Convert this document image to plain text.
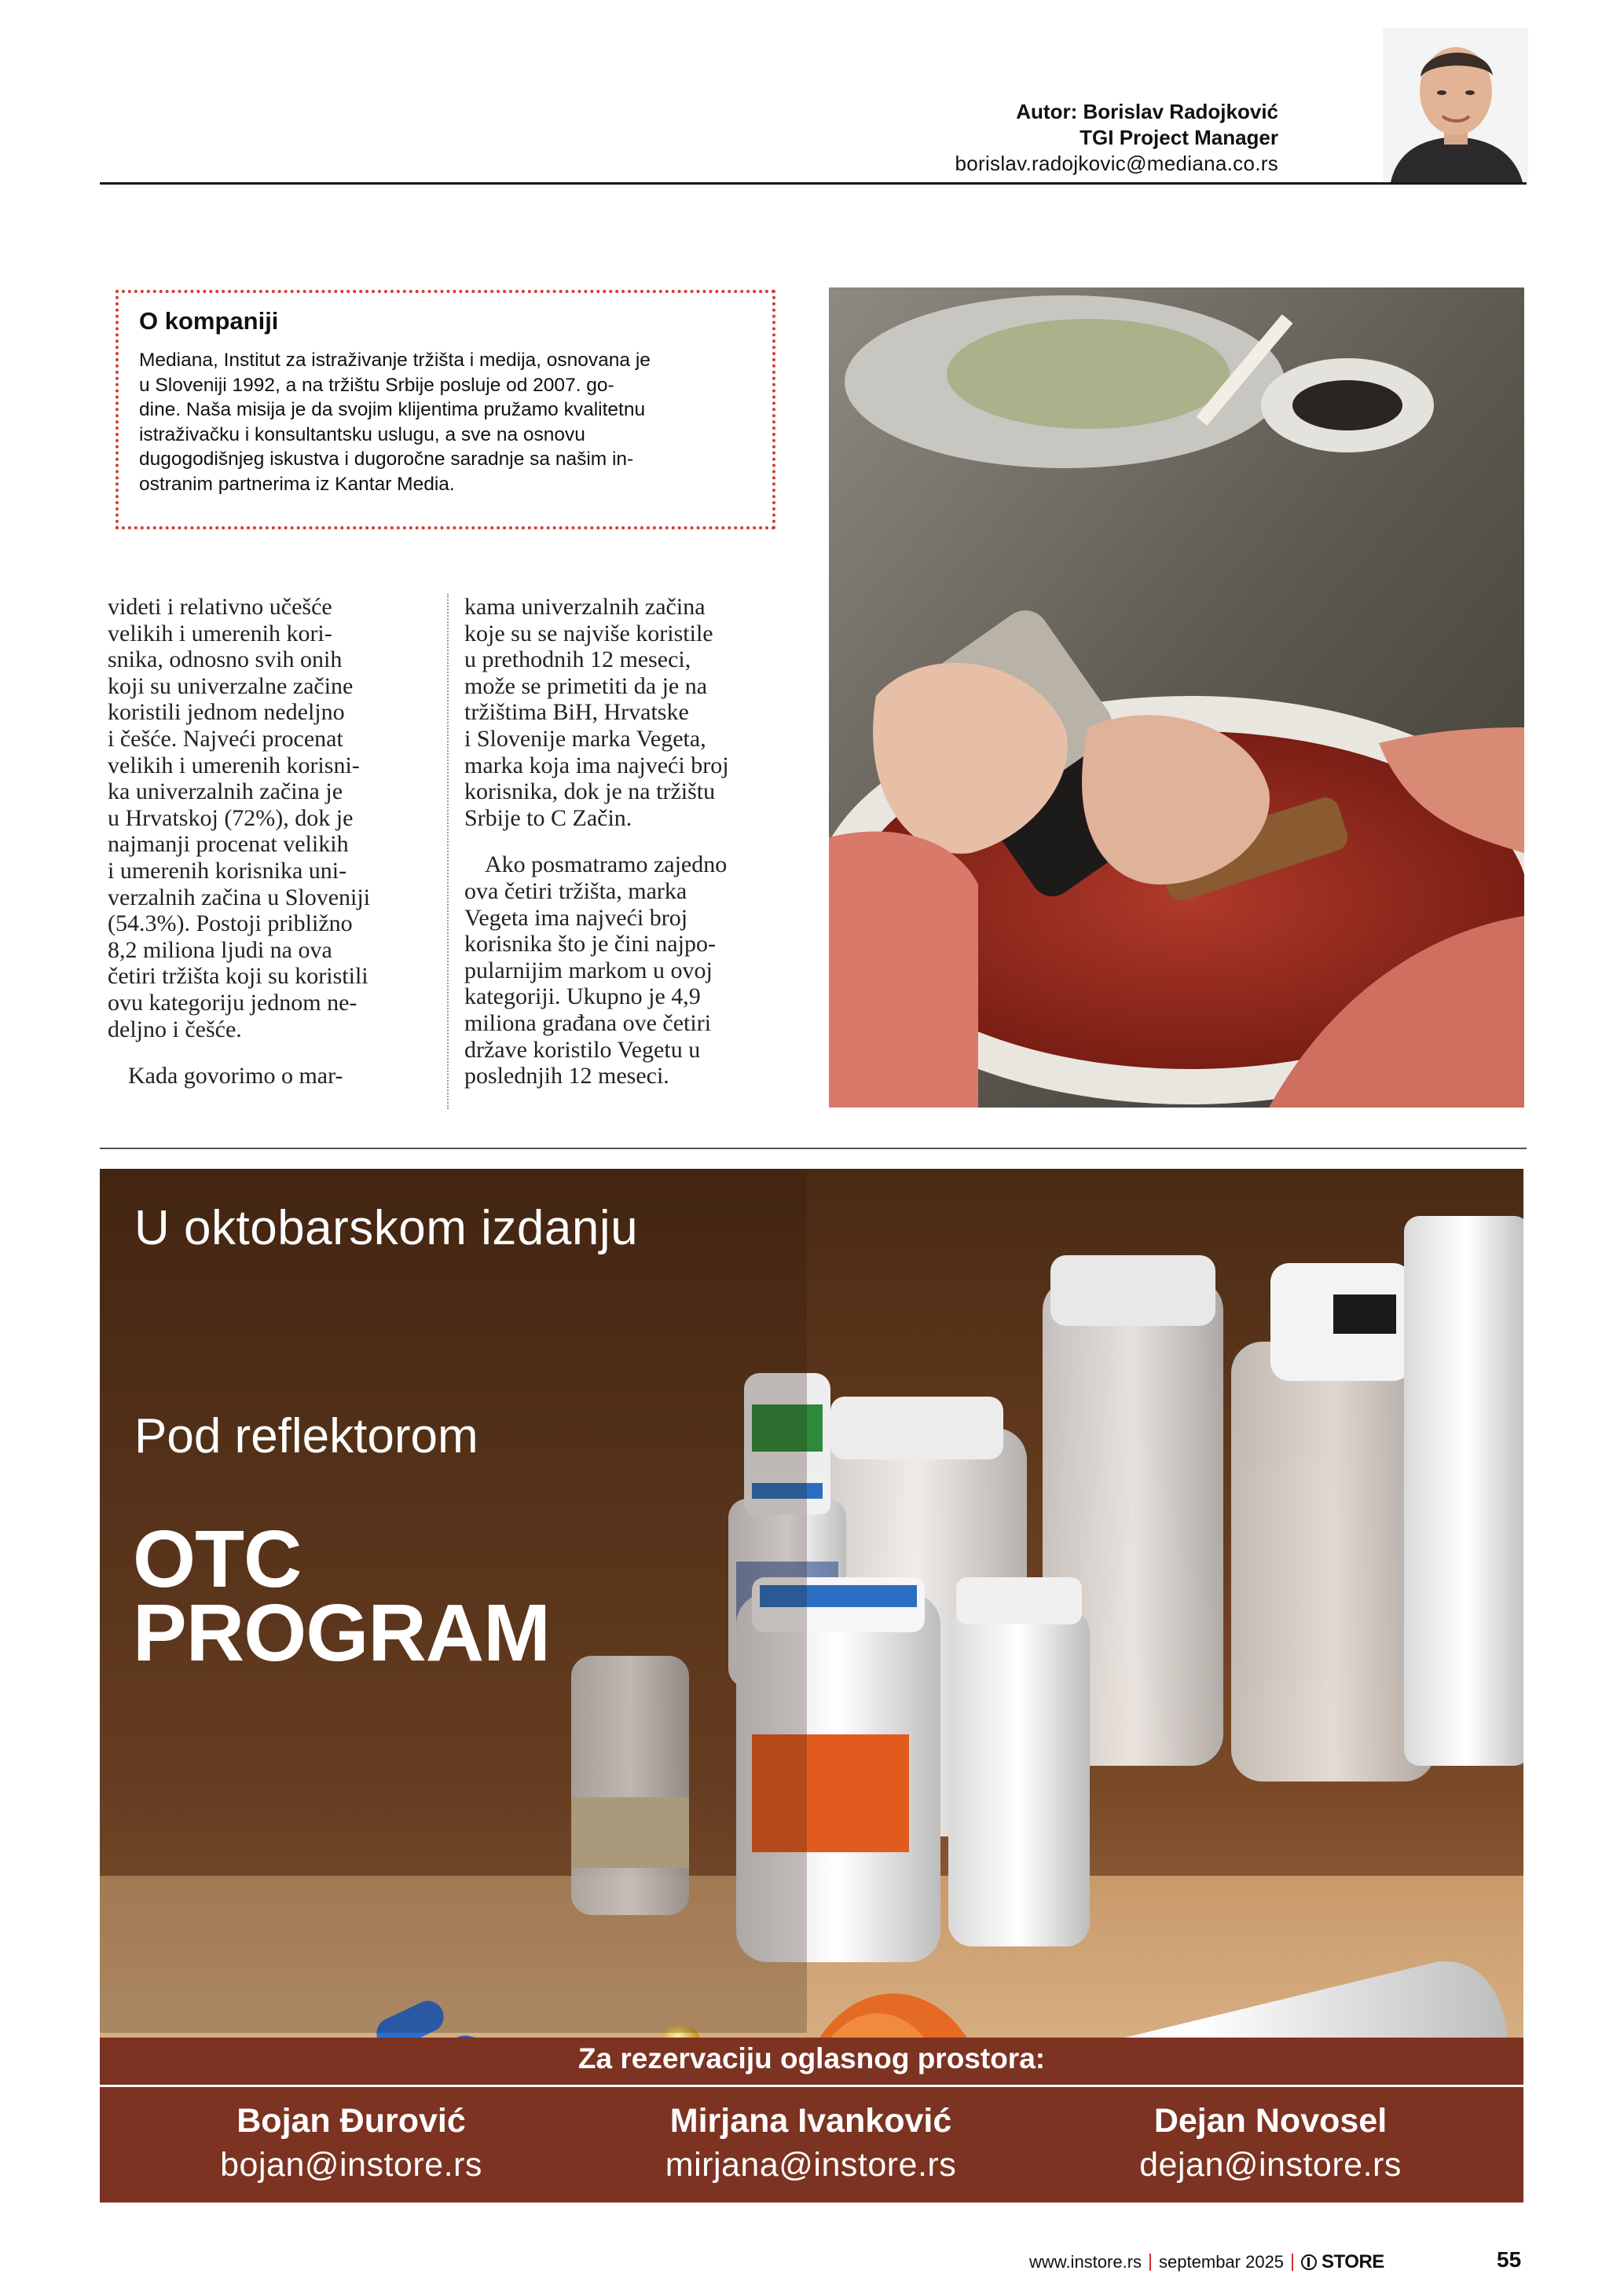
Autor: Borislav Radojković
TGI Project Manager
borislav.radojkovic@mediana.co.rs
O kompaniji
Mediana, Institut za istraživanje tržišta i medija, osnovana je
u Sloveniji 1992, a na tržištu Srbije posluje od 2007. go-
dine. Naša misija je da svojim klijentima pružamo kvalitetnu
istraživačku i konsultantsku uslugu, a sve na osnovu
dugogodišnjeg iskustva i dugoročne saradnje sa našim in-
ostranim partnerima iz Kantar Media.

videti i relativno učešće
velikih i umerenih kori-
snika, odnosno svih onih
koji su univerzalne začine
koristili jednom nedeljno
i češće. Najveći procenat
velikih i umerenih korisni-
ka univerzalnih začina je
u Hrvatskoj (72%), dok je
najmanji procenat velikih
i umerenih korisnika uni-
verzalnih začina u Sloveniji
(54.3%). Postoji približno
8,2 miliona ljudi na ova
četiri tržišta koji su koristili
ovu kategoriju jednom ne-
deljno i češće.

Kada govorimo o mar-

kama univerzalnih začina
koje su se najviše koristile
u prethodnih 12 meseci,
može se primetiti da je na
tržištima BiH, Hrvatske
i Slovenije marka Vegeta,
marka koja ima najveći broj
korisnika, dok je na tržištu
Srbije to C Začin.

Ako posmatramo zajedno
ova četiri tržišta, marka
Vegeta ima najveći broj
korisnika što je čini najpo-
pularnijim markom u ovoj
kategoriji. Ukupno je 4,9
miliona građana ove četiri
države koristilo Vegetu u
poslednjih 12 meseci.

U oktobarskom izdanju
Pod reflektorom
OTC
PROGRAM
Za rezervaciju oglasnog prostora:
Bojan Đurović
bojan@instore.rs
Mirjana Ivanković
mirjana@instore.rs
Dejan Novosel
dejan@instore.rs
www.instore.rs septembar 2025 STORE	55
